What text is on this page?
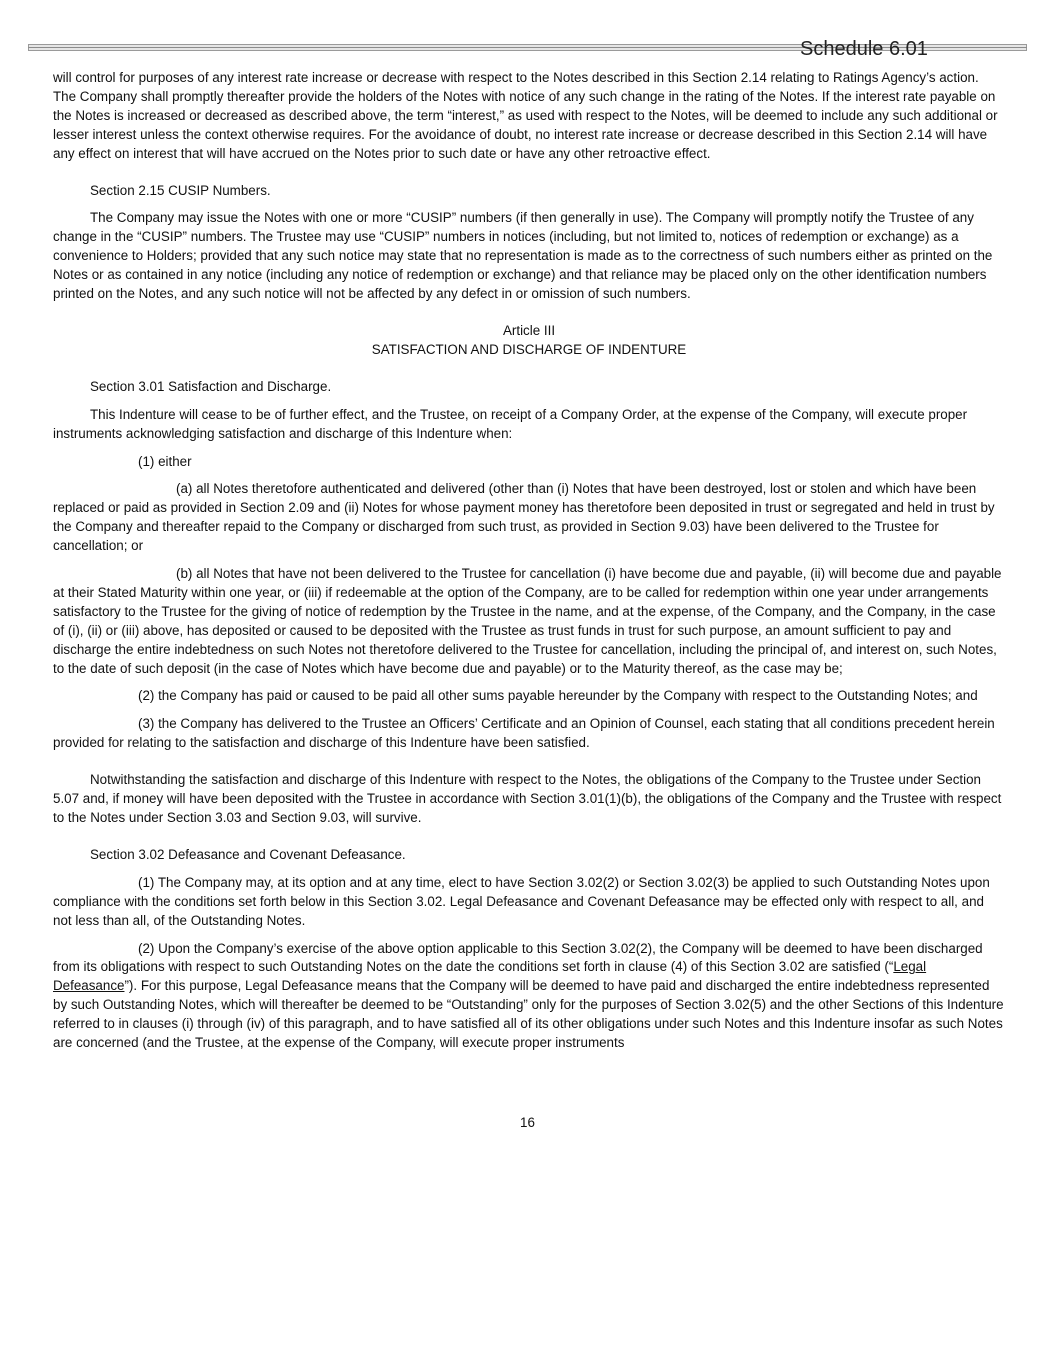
Schedule 6.01

will control for purposes of any interest rate increase or decrease with respect to the Notes described in this Section 2.14 relating to Ratings Agency’s action. The Company shall promptly thereafter provide the holders of the Notes with notice of any such change in the rating of the Notes. If the interest rate payable on the Notes is increased or decreased as described above, the term “interest,” as used with respect to the Notes, will be deemed to include any such additional or lesser interest unless the context otherwise requires. For the avoidance of doubt, no interest rate increase or decrease described in this Section 2.14 will have any effect on interest that will have accrued on the Notes prior to such date or have any other retroactive effect.

Section 2.15 CUSIP Numbers.

The Company may issue the Notes with one or more “CUSIP” numbers (if then generally in use). The Company will promptly notify the Trustee of any change in the “CUSIP” numbers. The Trustee may use “CUSIP” numbers in notices (including, but not limited to, notices of redemption or exchange) as a convenience to Holders; provided that any such notice may state that no representation is made as to the correctness of such numbers either as printed on the Notes or as contained in any notice (including any notice of redemption or exchange) and that reliance may be placed only on the other identification numbers printed on the Notes, and any such notice will not be affected by any defect in or omission of such numbers.

Article III

SATISFACTION AND DISCHARGE OF INDENTURE

Section 3.01 Satisfaction and Discharge.

This Indenture will cease to be of further effect, and the Trustee, on receipt of a Company Order, at the expense of the Company, will execute proper instruments acknowledging satisfaction and discharge of this Indenture when:

(1) either

(a) all Notes theretofore authenticated and delivered (other than (i) Notes that have been destroyed, lost or stolen and which have been replaced or paid as provided in Section 2.09 and (ii) Notes for whose payment money has theretofore been deposited in trust or segregated and held in trust by the Company and thereafter repaid to the Company or discharged from such trust, as provided in Section 9.03) have been delivered to the Trustee for cancellation; or

(b) all Notes that have not been delivered to the Trustee for cancellation (i) have become due and payable, (ii) will become due and payable at their Stated Maturity within one year, or (iii) if redeemable at the option of the Company, are to be called for redemption within one year under arrangements satisfactory to the Trustee for the giving of notice of redemption by the Trustee in the name, and at the expense, of the Company, and the Company, in the case of (i), (ii) or (iii) above, has deposited or caused to be deposited with the Trustee as trust funds in trust for such purpose, an amount sufficient to pay and discharge the entire indebtedness on such Notes not theretofore delivered to the Trustee for cancellation, including the principal of, and interest on, such Notes, to the date of such deposit (in the case of Notes which have become due and payable) or to the Maturity thereof, as the case may be;

(2) the Company has paid or caused to be paid all other sums payable hereunder by the Company with respect to the Outstanding Notes; and

(3) the Company has delivered to the Trustee an Officers’ Certificate and an Opinion of Counsel, each stating that all conditions precedent herein provided for relating to the satisfaction and discharge of this Indenture have been satisfied.

Notwithstanding the satisfaction and discharge of this Indenture with respect to the Notes, the obligations of the Company to the Trustee under Section 5.07 and, if money will have been deposited with the Trustee in accordance with Section 3.01(1)(b), the obligations of the Company and the Trustee with respect to the Notes under Section 3.03 and Section 9.03, will survive.

Section 3.02 Defeasance and Covenant Defeasance.

(1) The Company may, at its option and at any time, elect to have Section 3.02(2) or Section 3.02(3) be applied to such Outstanding Notes upon compliance with the conditions set forth below in this Section 3.02. Legal Defeasance and Covenant Defeasance may be effected only with respect to all, and not less than all, of the Outstanding Notes.

(2) Upon the Company’s exercise of the above option applicable to this Section 3.02(2), the Company will be deemed to have been discharged from its obligations with respect to such Outstanding Notes on the date the conditions set forth in clause (4) of this Section 3.02 are satisfied (“Legal Defeasance”). For this purpose, Legal Defeasance means that the Company will be deemed to have paid and discharged the entire indebtedness represented by such Outstanding Notes, which will thereafter be deemed to be “Outstanding” only for the purposes of Section 3.02(5) and the other Sections of this Indenture referred to in clauses (i) through (iv) of this paragraph, and to have satisfied all of its other obligations under such Notes and this Indenture insofar as such Notes are concerned (and the Trustee, at the expense of the Company, will execute proper instruments

16
